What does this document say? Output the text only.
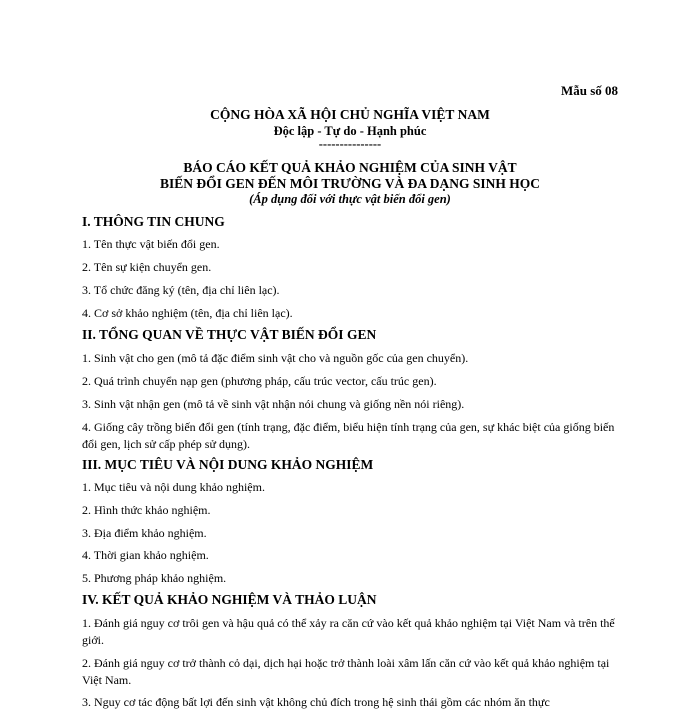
Mẫu số 08
CỘNG HÒA XÃ HỘI CHỦ NGHĨA VIỆT NAM
Độc lập - Tự do - Hạnh phúc
---------------
BÁO CÁO KẾT QUẢ KHẢO NGHIỆM CỦA SINH VẬT
BIẾN ĐỔI GEN ĐẾN MÔI TRƯỜNG VÀ ĐA DẠNG SINH HỌC
(Áp dụng đối với thực vật biến đổi gen)
I. THÔNG TIN CHUNG
1. Tên thực vật biến đổi gen.
2. Tên sự kiện chuyển gen.
3. Tổ chức đăng ký (tên, địa chỉ liên lạc).
4. Cơ sở khảo nghiệm (tên, địa chỉ liên lạc).
II. TỔNG QUAN VỀ THỰC VẬT BIẾN ĐỔI GEN
1. Sinh vật cho gen (mô tả đặc điểm sinh vật cho và nguồn gốc của gen chuyển).
2. Quá trình chuyển nạp gen (phương pháp, cấu trúc vector, cấu trúc gen).
3. Sinh vật nhận gen (mô tả về sinh vật nhận nói chung và giống nền nói riêng).
4. Giống cây trồng biến đổi gen (tính trạng, đặc điểm, biểu hiện tính trạng của gen, sự khác biệt của giống biến đổi gen, lịch sử cấp phép sử dụng).
III. MỤC TIÊU VÀ NỘI DUNG KHẢO NGHIỆM
1. Mục tiêu và nội dung khảo nghiệm.
2. Hình thức khảo nghiệm.
3. Địa điểm khảo nghiệm.
4. Thời gian khảo nghiệm.
5. Phương pháp khảo nghiệm.
IV. KẾT QUẢ KHẢO NGHIỆM VÀ THẢO LUẬN
1. Đánh giá nguy cơ trôi gen và hậu quả có thể xảy ra căn cứ vào kết quả khảo nghiệm tại Việt Nam và trên thế giới.
2. Đánh giá nguy cơ trở thành cỏ dại, dịch hại hoặc trở thành loài xâm lấn căn cứ vào kết quả khảo nghiệm tại Việt Nam.
3. Nguy cơ tác động bất lợi đến sinh vật không chủ đích trong hệ sinh thái gồm các nhóm ăn thực
